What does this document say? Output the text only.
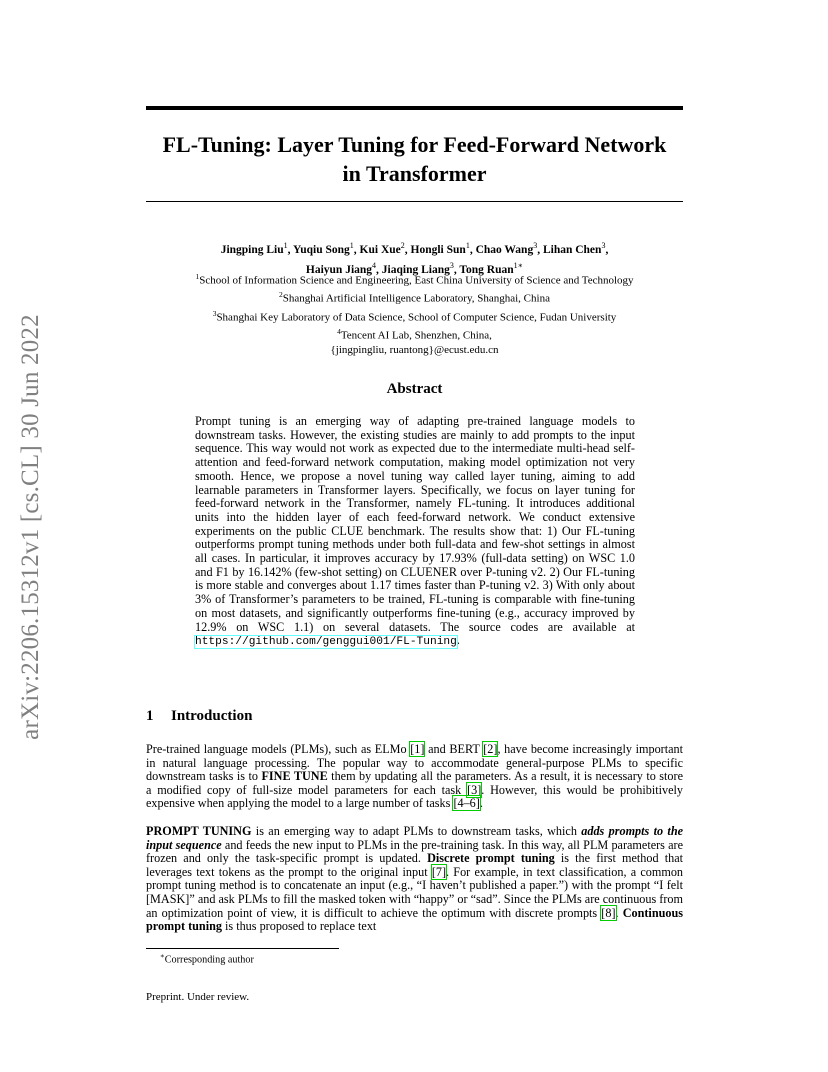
arXiv:2206.15312v1 [cs.CL] 30 Jun 2022
FL-Tuning: Layer Tuning for Feed-Forward Network
in Transformer
Jingping Liu$^1$, Yuqiu Song$^1$, Kui Xue$^2$, Hongli Sun$^1$, Chao Wang$^3$, Lihan Chen$^3$,
Haiyun Jiang$^4$, Jiaqing Liang$^3$, Tong Ruan$^{1∗}$
$^1$School of Information Science and Engineering, East China University of Science and Technology
$^2$Shanghai Artificial Intelligence Laboratory, Shanghai, China
$^3$Shanghai Key Laboratory of Data Science, School of Computer Science, Fudan University
$^4$Tencent AI Lab, Shenzhen, China,
{jingpingliu, ruantong}@ecust.edu.cn
Abstract
Prompt tuning is an emerging way of adapting pre-trained language models to downstream tasks. However, the existing studies are mainly to add prompts to the input sequence. This way would not work as expected due to the intermediate multi-head self-attention and feed-forward network computation, making model optimization not very smooth. Hence, we propose a novel tuning way called layer tuning, aiming to add learnable parameters in Transformer layers. Specifically, we focus on layer tuning for feed-forward network in the Transformer, namely FL-tuning. It introduces additional units into the hidden layer of each feed-forward network. We conduct extensive experiments on the public CLUE benchmark. The results show that: 1) Our FL-tuning outperforms prompt tuning methods under both full-data and few-shot settings in almost all cases. In particular, it improves accuracy by 17.93% (full-data setting) on WSC 1.0 and F1 by 16.142% (few-shot setting) on CLUENER over P-tuning v2. 2) Our FL-tuning is more stable and converges about 1.17 times faster than P-tuning v2. 3) With only about 3% of Transformer’s parameters to be trained, FL-tuning is comparable with fine-tuning on most datasets, and significantly outperforms fine-tuning (e.g., accuracy improved by 12.9% on WSC 1.1) on several datasets. The source codes are available at https://github.com/genggui001/FL-Tuning.
1 Introduction
Pre-trained language models (PLMs), such as ELMo [1] and BERT [2], have become increasingly important in natural language processing. The popular way to accommodate general-purpose PLMs to specific downstream tasks is to FINE TUNE them by updating all the parameters. As a result, it is necessary to store a modified copy of full-size model parameters for each task [3]. However, this would be prohibitively expensive when applying the model to a large number of tasks [4–6].
PROMPT TUNING is an emerging way to adapt PLMs to downstream tasks, which adds prompts to the input sequence and feeds the new input to PLMs in the pre-training task. In this way, all PLM parameters are frozen and only the task-specific prompt is updated. Discrete prompt tuning is the first method that leverages text tokens as the prompt to the original input [7]. For example, in text classification, a common prompt tuning method is to concatenate an input (e.g., “I haven’t published a paper.”) with the prompt “I felt [MASK]” and ask PLMs to fill the masked token with “happy” or “sad”. Since the PLMs are continuous from an optimization point of view, it is difficult to achieve the optimum with discrete prompts [8]. Continuous prompt tuning is thus proposed to replace text
∗Corresponding author
Preprint. Under review.
